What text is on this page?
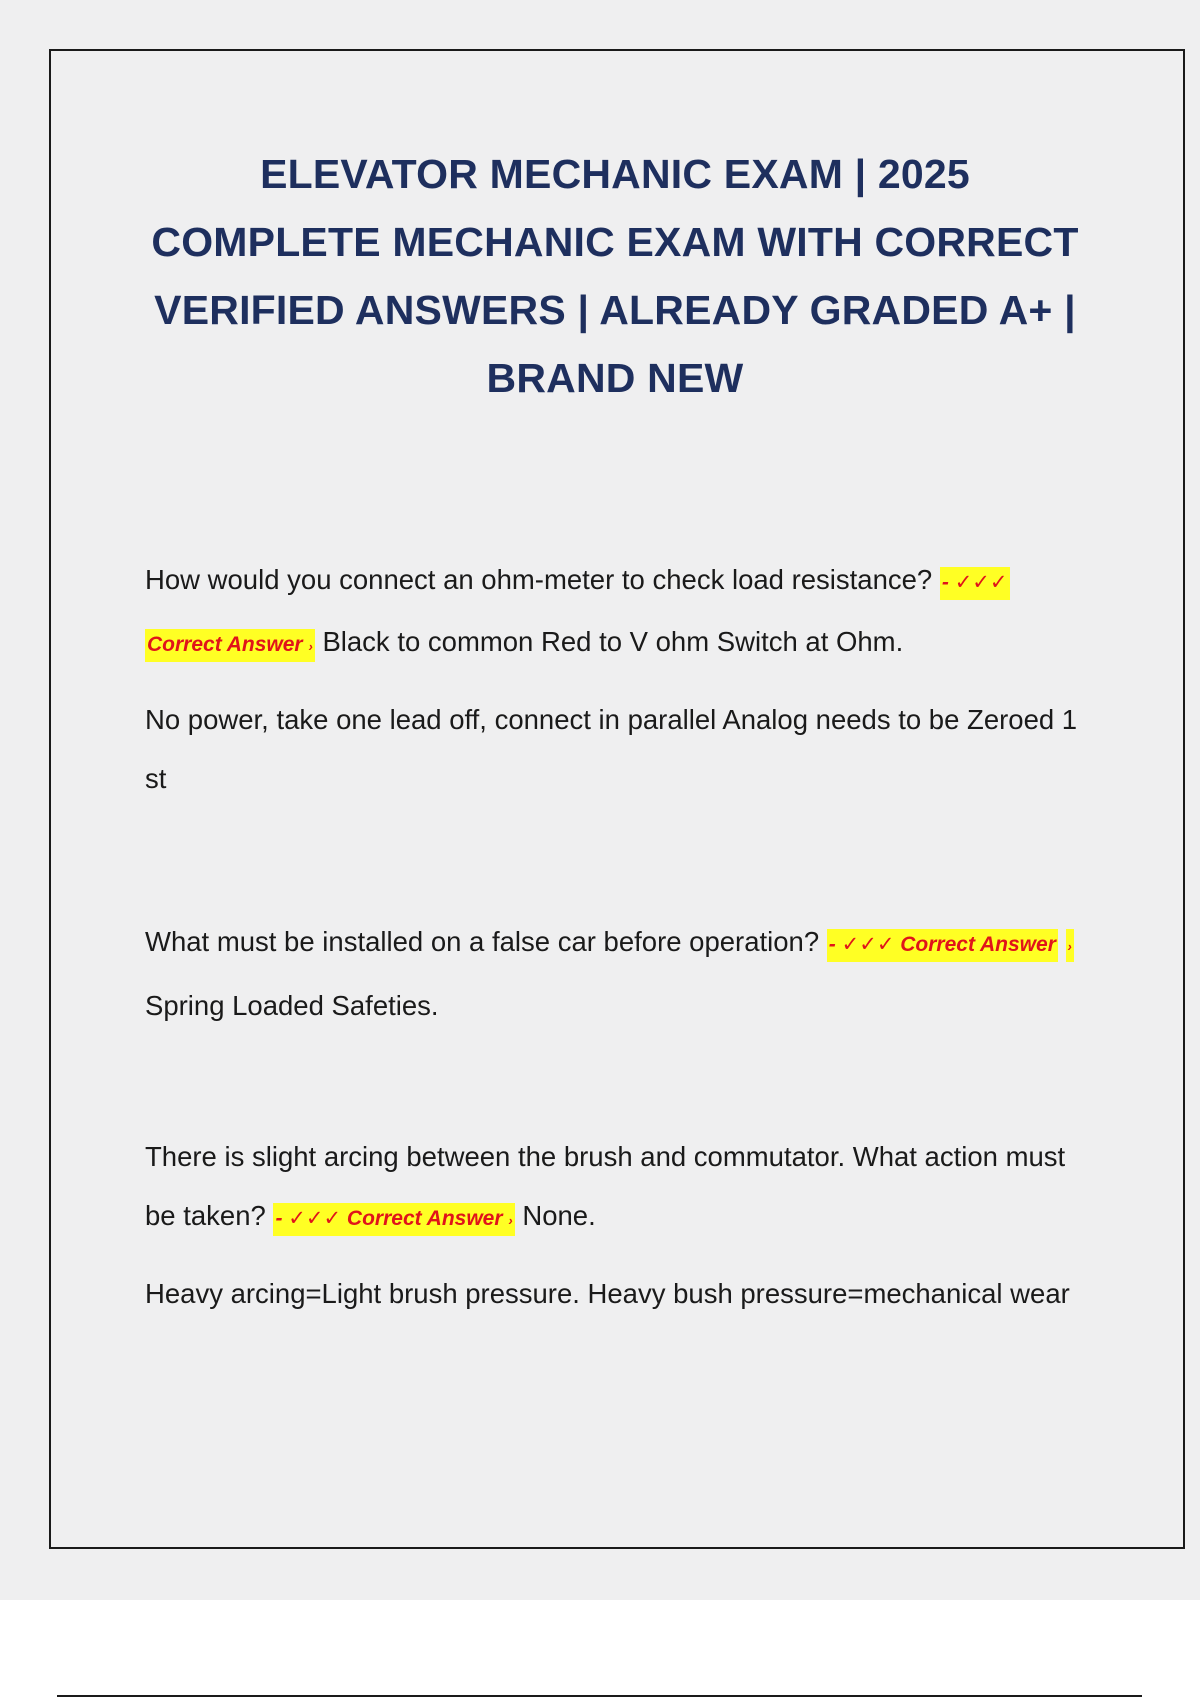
ELEVATOR MECHANIC EXAM | 2025
COMPLETE MECHANIC EXAM WITH CORRECT
VERIFIED ANSWERS | ALREADY GRADED A+ |
BRAND NEW

How would you connect an ohm-meter to check load resistance? - ✓✓✓
Correct Answer › Black to common Red to V ohm Switch at Ohm.

No power, take one lead off, connect in parallel Analog needs to be Zeroed 1 st

What must be installed on a false car before operation? - ✓✓✓ Correct Answer › Spring Loaded Safeties.

There is slight arcing between the brush and commutator. What action must be taken? - ✓✓✓ Correct Answer › None.

Heavy arcing=Light brush pressure. Heavy bush pressure=mechanical wear
